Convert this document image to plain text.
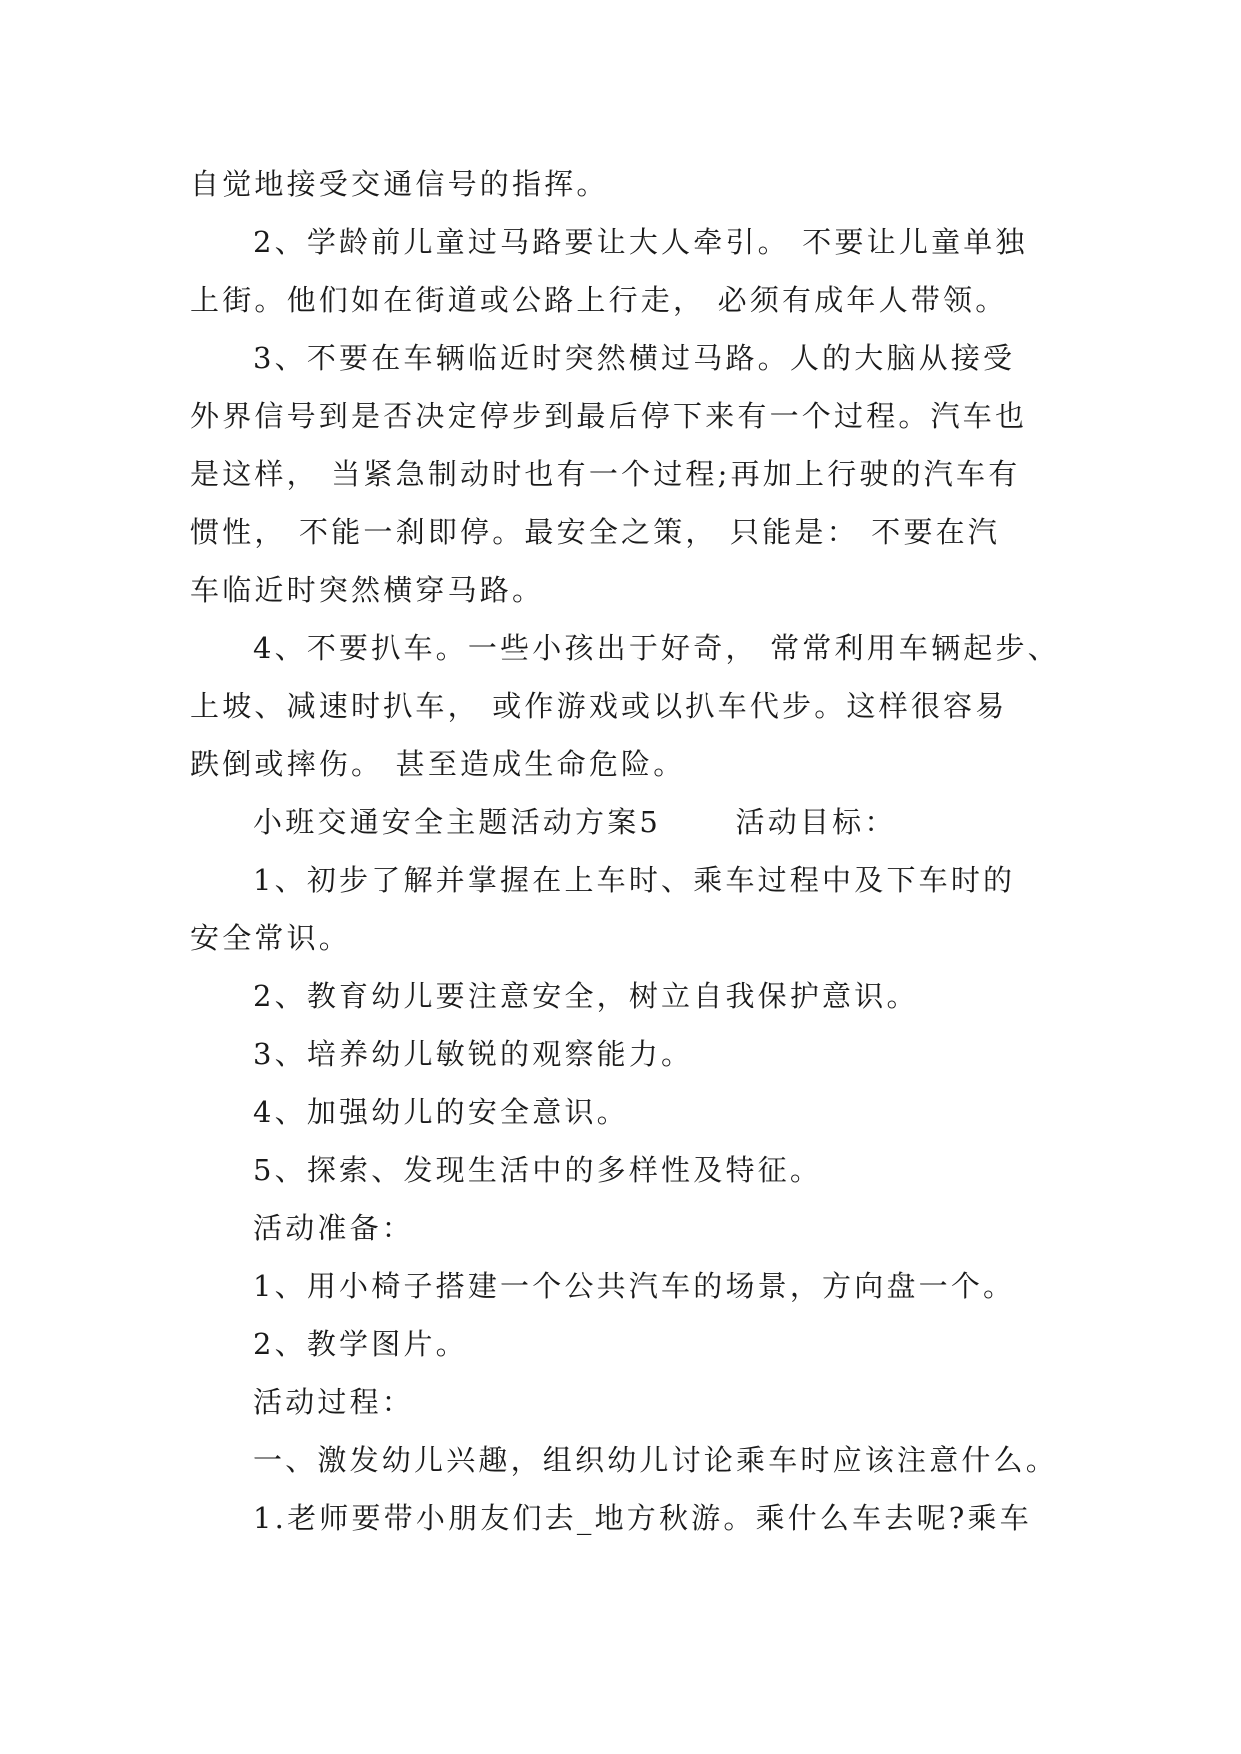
自觉地接受交通信号的指挥。

2、学龄前儿童过马路要让大人牵引。 不要让儿童单独

上街。他们如在街道或公路上行走， 必须有成年人带领。

3、不要在车辆临近时突然横过马路。人的大脑从接受

外界信号到是否决定停步到最后停下来有一个过程。汽车也

是这样， 当紧急制动时也有一个过程;再加上行驶的汽车有

惯性， 不能一刹即停。最安全之策， 只能是： 不要在汽

车临近时突然横穿马路。

4、不要扒车。一些小孩出于好奇， 常常利用车辆起步、

上坡、减速时扒车， 或作游戏或以扒车代步。这样很容易

跌倒或摔伤。 甚至造成生命危险。

小班交通安全主题活动方案5      活动目标：

1、初步了解并掌握在上车时、乘车过程中及下车时的

安全常识。

2、教育幼儿要注意安全，树立自我保护意识。

3、培养幼儿敏锐的观察能力。

4、加强幼儿的安全意识。

5、探索、发现生活中的多样性及特征。

活动准备：

1、用小椅子搭建一个公共汽车的场景，方向盘一个。

2、教学图片。

活动过程：

一、激发幼儿兴趣，组织幼儿讨论乘车时应该注意什么。

1.老师要带小朋友们去_地方秋游。乘什么车去呢?乘车
